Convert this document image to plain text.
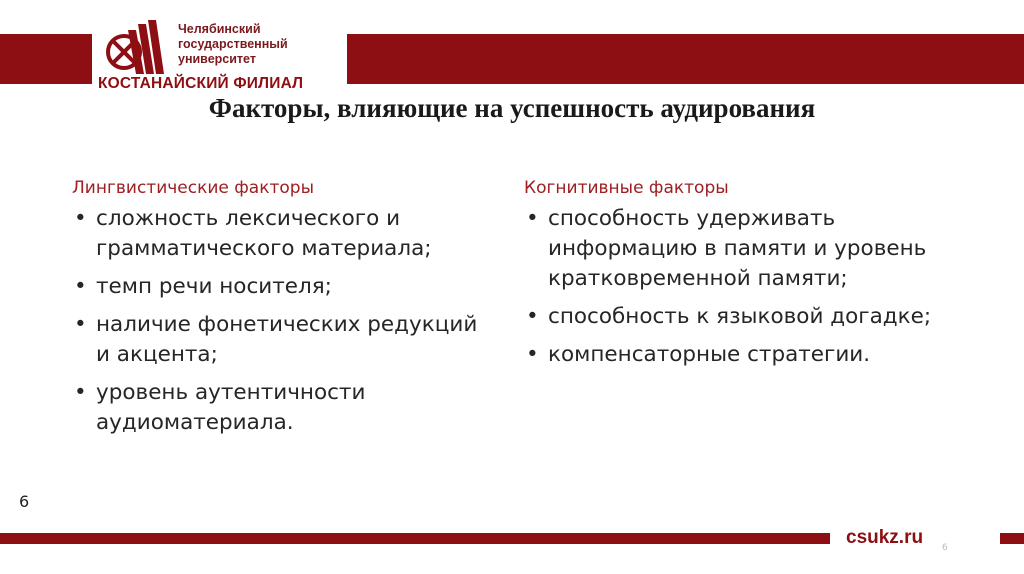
Челябинский
государственный
университет
КОСТАНАЙСКИЙ ФИЛИАЛ
Факторы, влияющие на успешность аудирования
Лингвистические факторы
• сложность лексического и грамматического материала;
• темп речи носителя;
• наличие фонетических редукций и акцента;
• уровень аутентичности аудиоматериала.
Когнитивные факторы
• способность удерживать информацию в памяти и уровень кратковременной памяти;
• способность к языковой догадке;
• компенсаторные стратегии.
6
csukz.ru 6
